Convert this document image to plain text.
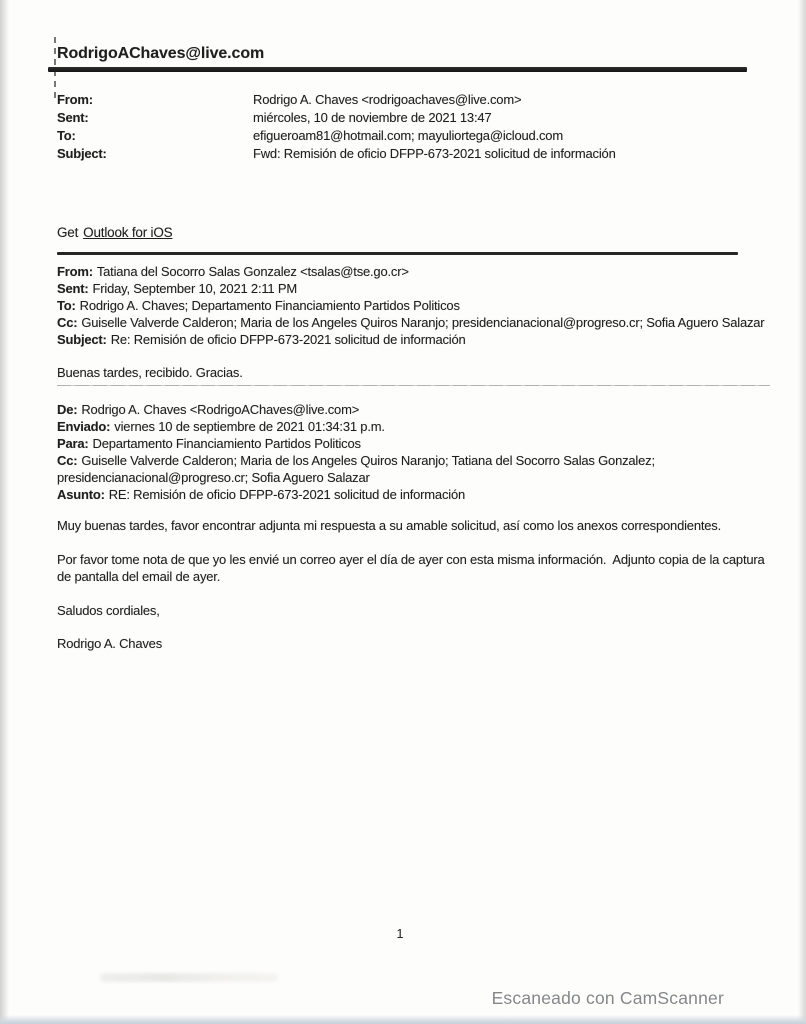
RodrigoAChaves@live.com
From:	Rodrigo A. Chaves <rodrigoachaves@live.com>
Sent:	miércoles, 10 de noviembre de 2021 13:47
To:	efigueroam81@hotmail.com; mayuliortega@icloud.com
Subject:	Fwd: Remisión de oficio DFPP-673-2021 solicitud de información
Get Outlook for iOS

From: Tatiana del Socorro Salas Gonzalez <tsalas@tse.go.cr>

Sent: Friday, September 10, 2021 2:11 PM

To: Rodrigo A. Chaves; Departamento Financiamiento Partidos Politicos

Cc: Guiselle Valverde Calderon; Maria de los Angeles Quiros Naranjo; presidencianacional@progreso.cr; Sofia Aguero Salazar

Subject: Re: Remisión de oficio DFPP-673-2021 solicitud de información

Buenas tardes, recibido. Gracias.

De: Rodrigo A. Chaves <RodrigoAChaves@live.com>

Enviado: viernes 10 de septiembre de 2021 01:34:31 p.m.

Para: Departamento Financiamiento Partidos Politicos

Cc: Guiselle Valverde Calderon; Maria de los Angeles Quiros Naranjo; Tatiana del Socorro Salas Gonzalez; presidencianacional@progreso.cr; Sofia Aguero Salazar

Asunto: RE: Remisión de oficio DFPP-673-2021 solicitud de información

Muy buenas tardes, favor encontrar adjunta mi respuesta a su amable solicitud, así como los anexos correspondientes.

Por favor tome nota de que yo les envié un correo ayer el día de ayer con esta misma información.  Adjunto copia de la captura de pantalla del email de ayer.

Saludos cordiales,

Rodrigo A. Chaves

1
Escaneado con CamScanner
